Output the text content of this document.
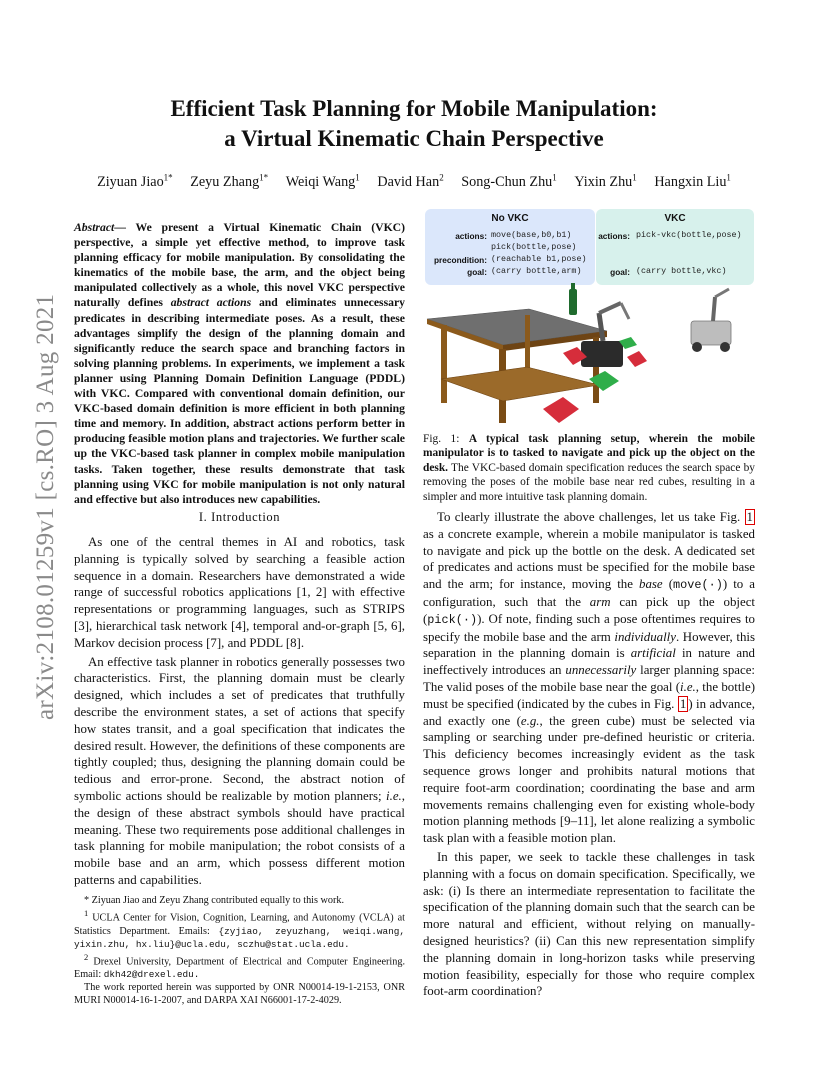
arXiv:2108.01259v1 [cs.RO] 3 Aug 2021
Efficient Task Planning for Mobile Manipulation:
a Virtual Kinematic Chain Perspective
Ziyuan Jiao$^{1*}$ Zeyu Zhang$^{1*}$ Weiqi Wang$^1$ David Han$^2$ Song-Chun Zhu$^1$ Yixin Zhu$^1$ Hangxin Liu$^1$

Abstract— We present a Virtual Kinematic Chain (VKC) perspective, a simple yet effective method, to improve task planning efficacy for mobile manipulation. By consolidating the kinematics of the mobile base, the arm, and the object being manipulated collectively as a whole, this novel VKC perspective naturally defines abstract actions and eliminates unnecessary predicates in describing intermediate poses. As a result, these advantages simplify the design of the planning domain and significantly reduce the search space and branching factors in solving planning problems. In experiments, we implement a task planner using Planning Domain Definition Language (PDDL) with VKC. Compared with conventional domain definition, our VKC-based domain definition is more efficient in both planning time and memory. In addition, abstract actions perform better in producing feasible motion plans and trajectories. We further scale up the VKC-based task planner in complex mobile manipulation tasks. Taken together, these results demonstrate that task planning using VKC for mobile manipulation is not only natural and effective but also introduces new capabilities.

I. Introduction

As one of the central themes in AI and robotics, task planning is typically solved by searching a feasible action sequence in a domain. Researchers have demonstrated a wide range of successful robotics applications [1, 2] with effective representations or programming languages, such as STRIPS [3], hierarchical task network [4], temporal and-or-graph [5, 6], Markov decision process [7], and PDDL [8].

An effective task planner in robotics generally possesses two characteristics. First, the planning domain must be clearly designed, which includes a set of predicates that truthfully describe the environment states, a set of actions that specify how states transit, and a goal specification that indicates the desired result. However, the definitions of these components are tightly coupled; thus, designing the planning domain could be tedious and error-prone. Second, the abstract notion of symbolic actions should be realizable by motion planners; i.e., the design of these abstract symbols should have practical meaning. These two requirements pose additional challenges in task planning for mobile manipulation; the robot consists of a mobile base and an arm, which possess different motion patterns and capabilities.

* Ziyuan Jiao and Zeyu Zhang contributed equally to this work.

$^1$ UCLA Center for Vision, Cognition, Learning, and Autonomy (VCLA) at Statistics Department. Emails: {zyjiao, zeyuzhang, weiqi.wang, yixin.zhu, hx.liu}@ucla.edu, sczhu@stat.ucla.edu.

$^2$ Drexel University, Department of Electrical and Computer Engineering. Email: dkh42@drexel.edu.

The work reported herein was supported by ONR N00014-19-1-2153, ONR MURI N00014-16-1-2007, and DARPA XAI N66001-17-2-4029.

No VKC
actions: move(base,b0,b1)
pick(bottle,pose)
precondition: (reachable b1,pose)
goal: (carry bottle,arm)
VKC
actions: pick-vkc(bottle,pose)
goal: (carry bottle,vkc)

Fig. 1: A typical task planning setup, wherein the mobile manipulator is to tasked to navigate and pick up the object on the desk. The VKC-based domain specification reduces the search space by removing the poses of the mobile base near red cubes, resulting in a simpler and more intuitive task planning domain.

To clearly illustrate the above challenges, let us take Fig. 1 as a concrete example, wherein a mobile manipulator is tasked to navigate and pick up the bottle on the desk. A dedicated set of predicates and actions must be specified for the mobile base and the arm; for instance, moving the base (move(·)) to a configuration, such that the arm can pick up the object (pick(·)). Of note, finding such a pose oftentimes requires to specify the mobile base and the arm individually. However, this separation in the planning domain is artificial in nature and ineffectively introduces an unnecessarily larger planning space: The valid poses of the mobile base near the goal (i.e., the bottle) must be specified (indicated by the cubes in Fig. 1 ) in advance, and exactly one (e.g., the green cube) must be selected via sampling or searching under pre-defined heuristic or criteria. This deficiency becomes increasingly evident as the task sequence grows longer and prohibits natural motions that require foot-arm coordination; coordinating the base and arm movements remains challenging even for existing whole-body motion planning methods [9–11], let alone realizing a symbolic task plan with a feasible motion plan.

In this paper, we seek to tackle these challenges in task planning with a focus on domain specification. Specifically, we ask: (i) Is there an intermediate representation to facilitate the specification of the planning domain such that the search can be more natural and efficient, without relying on manually-designed heuristics? (ii) Can this new representation simplify the planning domain in long-horizon tasks while preserving motion feasibility, especially for those who require complex foot-arm coordination?
